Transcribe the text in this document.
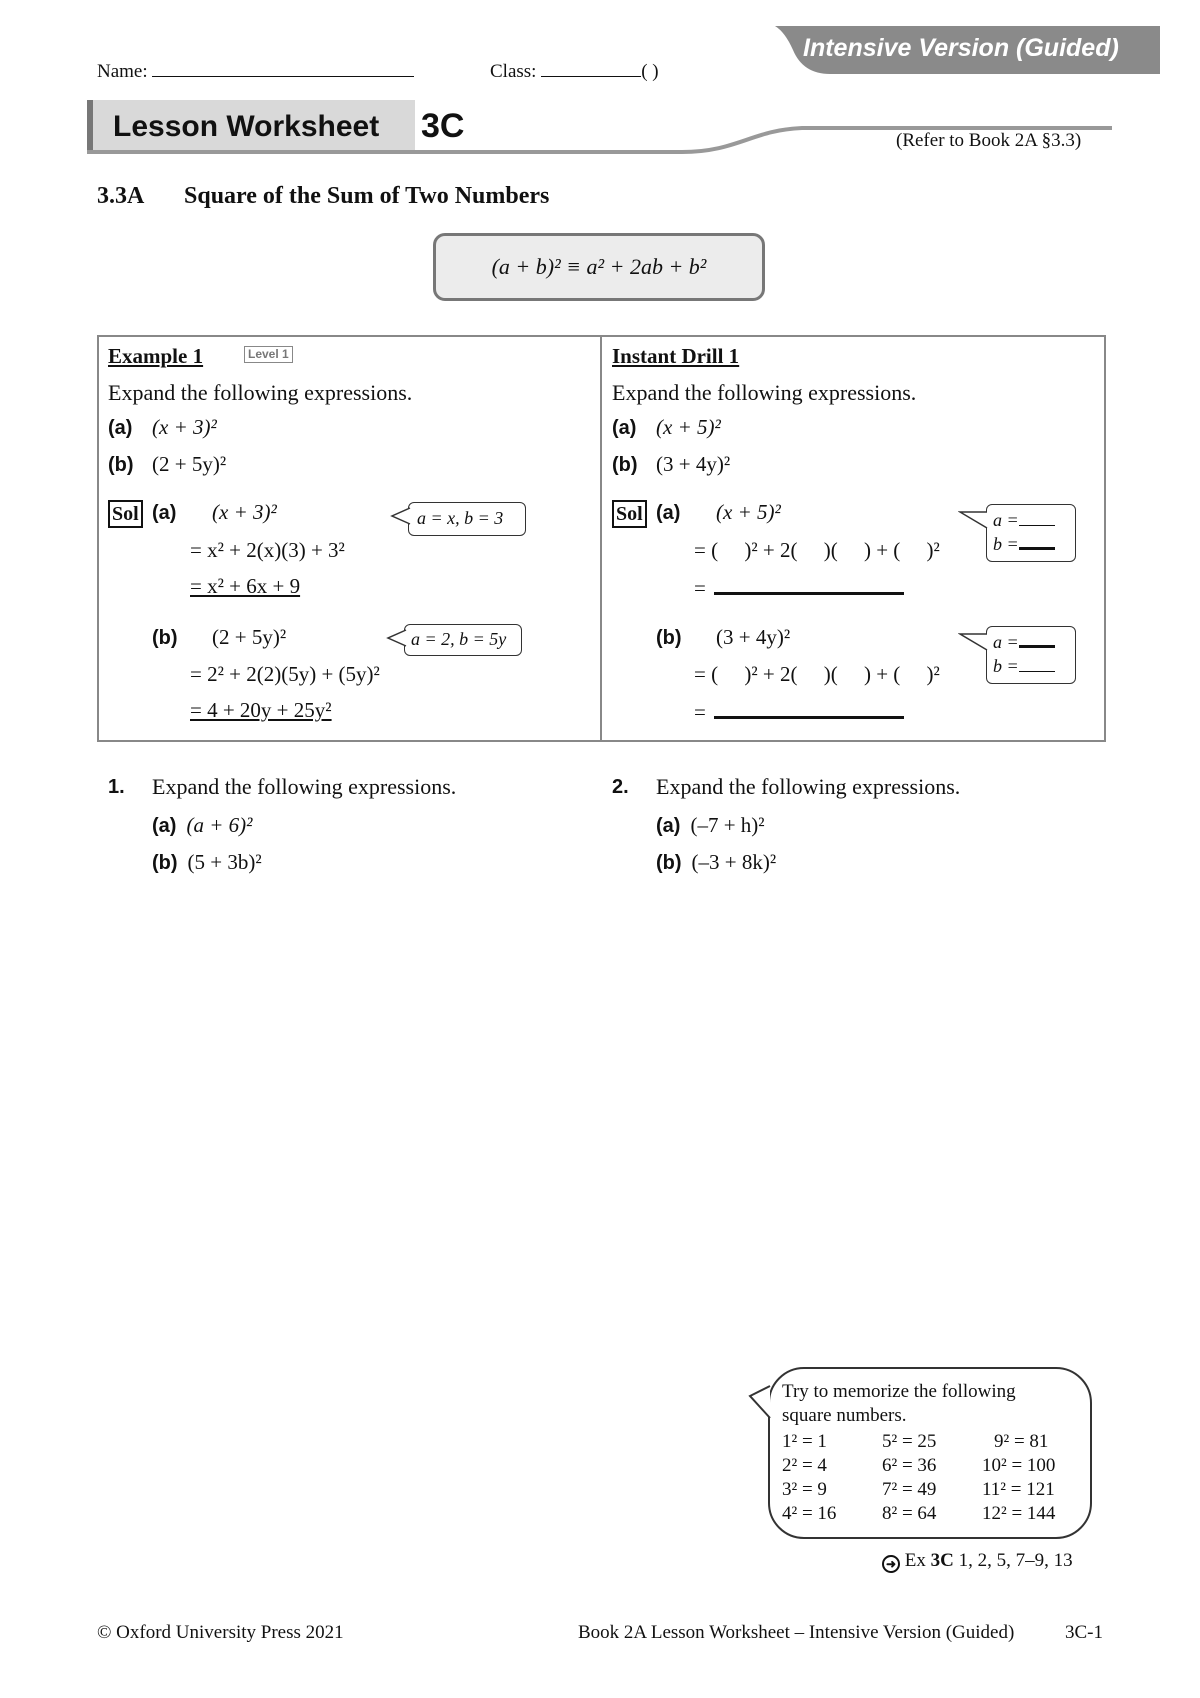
Name:	Class:	( )
Intensive Version (Guided)
Lesson Worksheet 3C	(Refer to Book 2A §3.3)
3.3A Square of the Sum of Two Numbers
(a + b)² ≡ a² + 2ab + b²
Example 1	Level 1
Expand the following expressions.
(a) (x + 3)²
(b) (2 + 5y)²
Sol (a) (x + 3)²
= x² + 2(x)(3) + 3²
= x² + 6x + 9
a = x, b = 3
(b) (2 + 5y)²
= 2² + 2(2)(5y) + (5y)²
= 4 + 20y + 25y²
a = 2, b = 5y
Instant Drill 1
Expand the following expressions.
(a) (x + 5)²
(b) (3 + 4y)²
Sol (a) (x + 5)²
= (     )² + 2(     )(     ) + (     )²
=
a =
b =
(b) (3 + 4y)²
= (     )² + 2(     )(     ) + (     )²
=
a =
b =
1. Expand the following expressions.
(a) (a + 6)²
(b) (5 + 3b)²
2. Expand the following expressions.
(a) (–7 + h)²
(b) (–3 + 8k)²
Try to memorize the following
square numbers.
1² = 1	5² = 25	9² = 81
2² = 4	6² = 36	10² = 100
3² = 9	7² = 49	11² = 121
4² = 16	8² = 64	12² = 144
➜ Ex 3C 1, 2, 5, 7–9, 13
© Oxford University Press 2021	Book 2A Lesson Worksheet – Intensive Version (Guided)	3C-1
